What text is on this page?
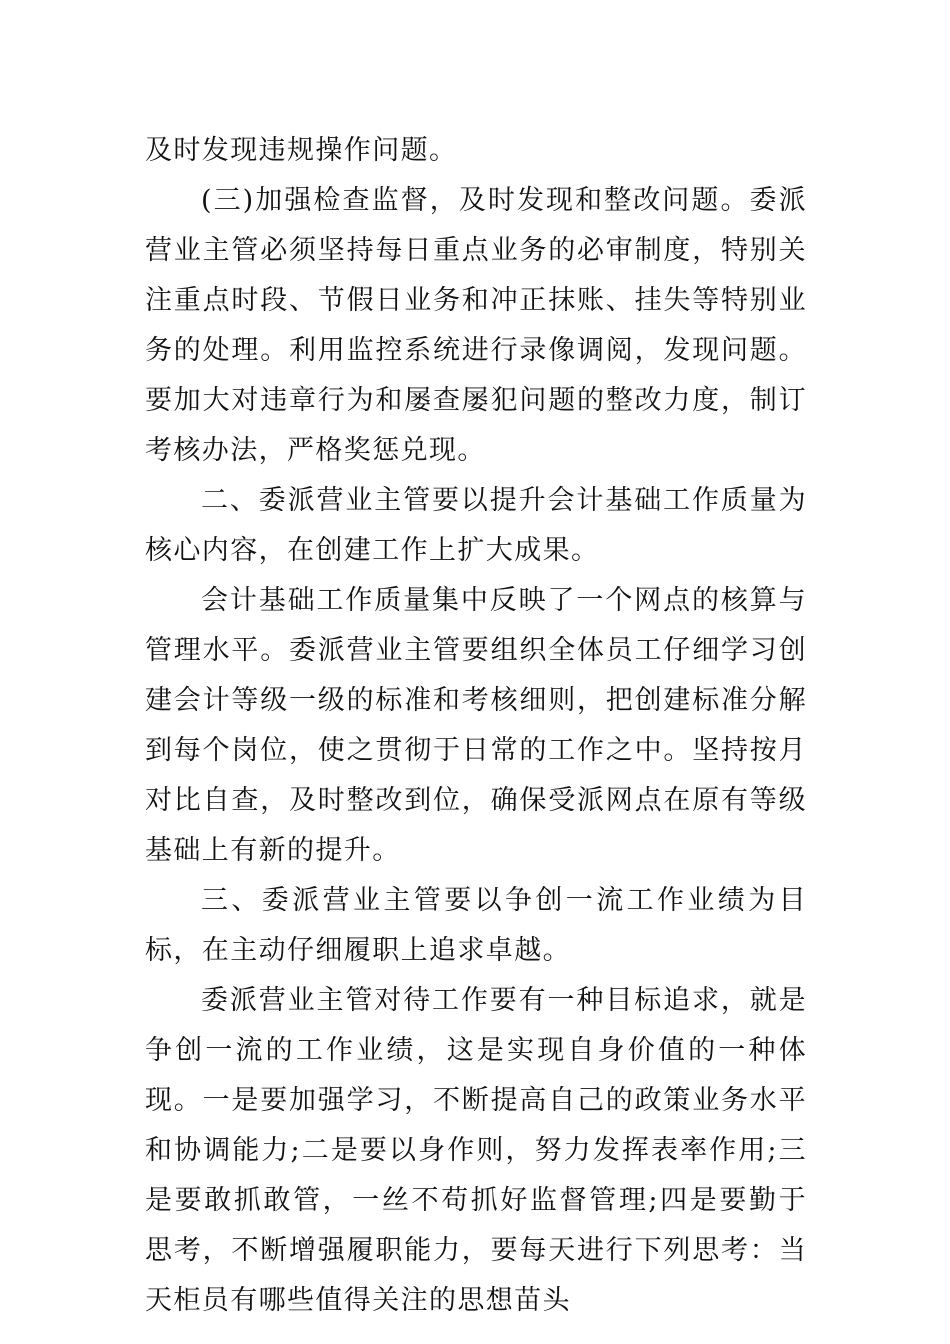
及时发现违规操作问题。

(三)加强检查监督，及时发现和整改问题。委派营业主管必须坚持每日重点业务的必审制度，特别关注重点时段、节假日业务和冲正抹账、挂失等特别业务的处理。利用监控系统进行录像调阅，发现问题。要加大对违章行为和屡查屡犯问题的整改力度，制订考核办法，严格奖惩兑现。

二、委派营业主管要以提升会计基础工作质量为核心内容，在创建工作上扩大成果。

会计基础工作质量集中反映了一个网点的核算与管理水平。委派营业主管要组织全体员工仔细学习创建会计等级一级的标准和考核细则，把创建标准分解到每个岗位，使之贯彻于日常的工作之中。坚持按月对比自查，及时整改到位，确保受派网点在原有等级基础上有新的提升。

三、委派营业主管要以争创一流工作业绩为目标，在主动仔细履职上追求卓越。

委派营业主管对待工作要有一种目标追求，就是争创一流的工作业绩，这是实现自身价值的一种体现。一是要加强学习，不断提高自己的政策业务水平和协调能力;二是要以身作则，努力发挥表率作用;三是要敢抓敢管，一丝不苟抓好监督管理;四是要勤于思考，不断增强履职能力，要每天进行下列思考：当天柜员有哪些值得关注的思想苗头
